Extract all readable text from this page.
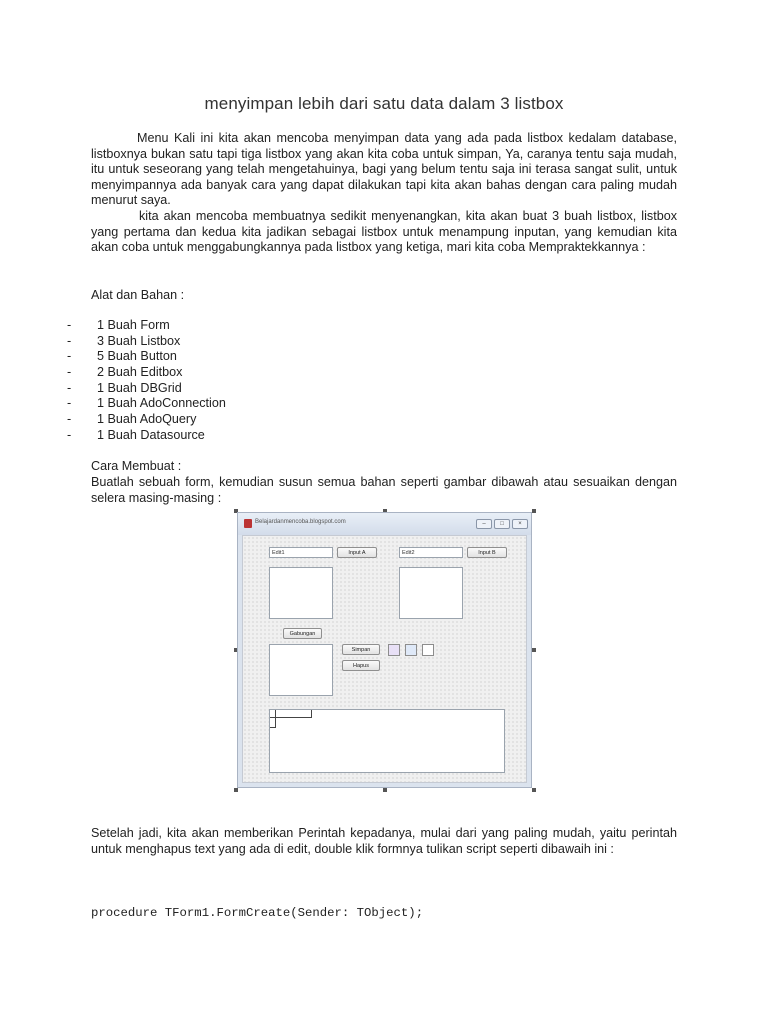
menyimpan lebih dari satu data dalam 3 listbox
Menu Kali ini kita akan mencoba menyimpan data yang ada pada listbox kedalam database, listboxnya bukan satu tapi tiga listbox yang akan kita coba untuk simpan, Ya, caranya tentu saja mudah, itu untuk seseorang yang telah mengetahuinya, bagi yang belum tentu saja ini terasa sangat sulit, untuk menyimpannya ada banyak cara yang dapat dilakukan tapi kita akan bahas dengan cara paling mudah menurut saya.
kita akan mencoba membuatnya sedikit menyenangkan, kita akan buat 3 buah listbox, listbox yang pertama dan kedua kita jadikan sebagai listbox untuk menampung inputan, yang kemudian kita akan coba untuk menggabungkannya pada listbox yang ketiga, mari kita coba Mempraktekkannya :
Alat dan Bahan :
- 1 Buah Form
- 3 Buah Listbox
- 5 Buah Button
- 2 Buah Editbox
- 1 Buah DBGrid
- 1 Buah AdoConnection
- 1 Buah AdoQuery
- 1 Buah Datasource
Cara Membuat :
Buatlah sebuah form, kemudian susun semua bahan seperti gambar dibawah atau sesuaikan dengan selera masing-masing :
Belajardanmencoba.blogspot.com	–	□	×
Edit1	Input A	Edit2	Input B
Gabungan
Simpan
Hapus
Setelah jadi, kita akan memberikan Perintah kepadanya, mulai dari yang paling mudah, yaitu perintah untuk menghapus text yang ada di edit, double klik formnya tulikan script seperti dibawaih ini :
procedure TForm1.FormCreate(Sender: TObject);
